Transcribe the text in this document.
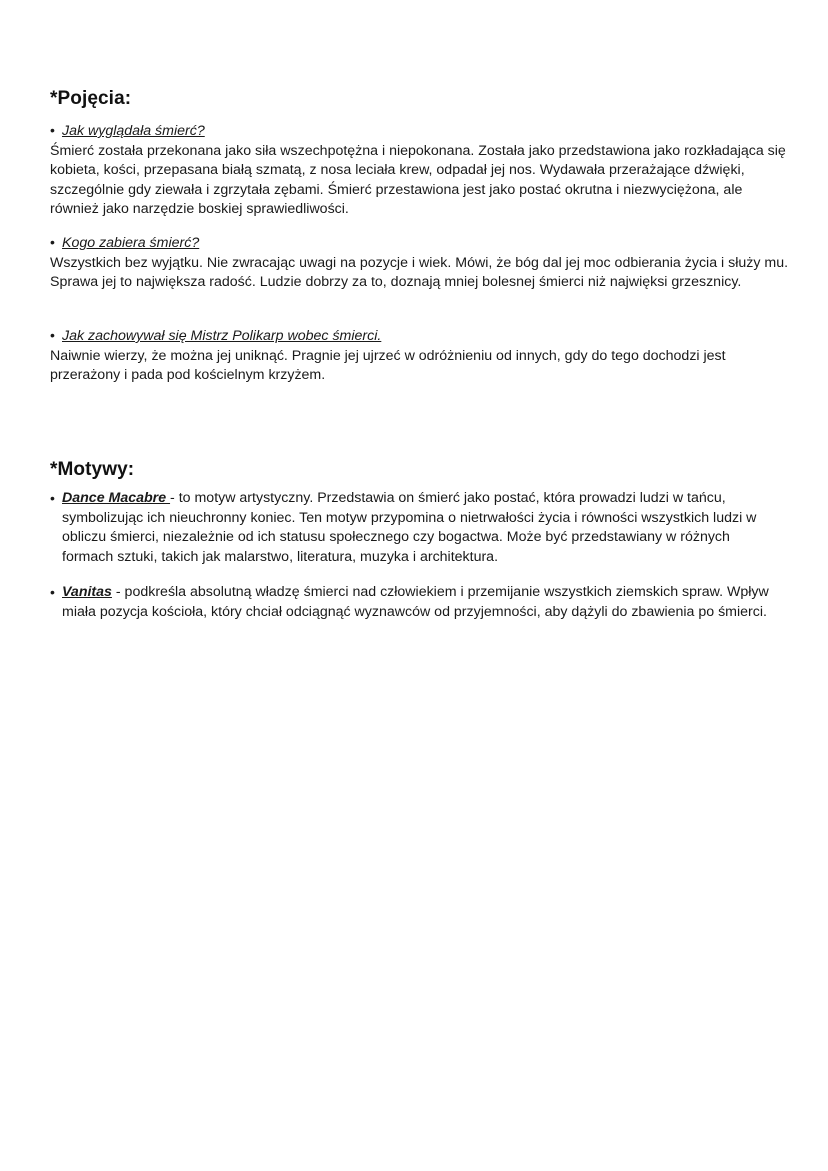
*Pojęcia:
• Jak wyglądała śmierć?

Śmierć została przekonana jako siła wszechpotężna i niepokonana. Została jako przedstawiona jako rozkładająca się kobieta, kości, przepasana białą szmatą, z nosa leciała krew, odpadał jej nos. Wydawała przerażające dźwięki, szczególnie gdy ziewała i zgrzytała zębami. Śmierć przestawiona jest jako postać okrutna i niezwyciężona, ale również jako narzędzie boskiej sprawiedliwości.

• Kogo zabiera śmierć?

Wszystkich bez wyjątku. Nie zwracając uwagi na pozycje i wiek. Mówi, że bóg dal jej moc odbierania życia i służy mu. Sprawa jej to największa radość. Ludzie dobrzy za to, doznają mniej bolesnej śmierci niż najwięksi grzesznicy.

• Jak zachowywał się Mistrz Polikarp wobec śmierci.

Naiwnie wierzy, że można jej uniknąć. Pragnie jej ujrzeć w odróżnieniu od innych, gdy do tego dochodzi jest przerażony i pada pod kościelnym krzyżem.

*Motywy:
• Dance Macabre - to motyw artystyczny. Przedstawia on śmierć jako postać, która prowadzi ludzi w tańcu, symbolizując ich nieuchronny koniec. Ten motyw przypomina o nietrwałości życia i równości wszystkich ludzi w obliczu śmierci, niezależnie od ich statusu społecznego czy bogactwa. Może być przedstawiany w różnych formach sztuki, takich jak malarstwo, literatura, muzyka i architektura.
• Vanitas - podkreśla absolutną władzę śmierci nad człowiekiem i przemijanie wszystkich ziemskich spraw. Wpływ miała pozycja kościoła, który chciał odciągnąć wyznawców od przyjemności, aby dążyli do zbawienia po śmierci.
